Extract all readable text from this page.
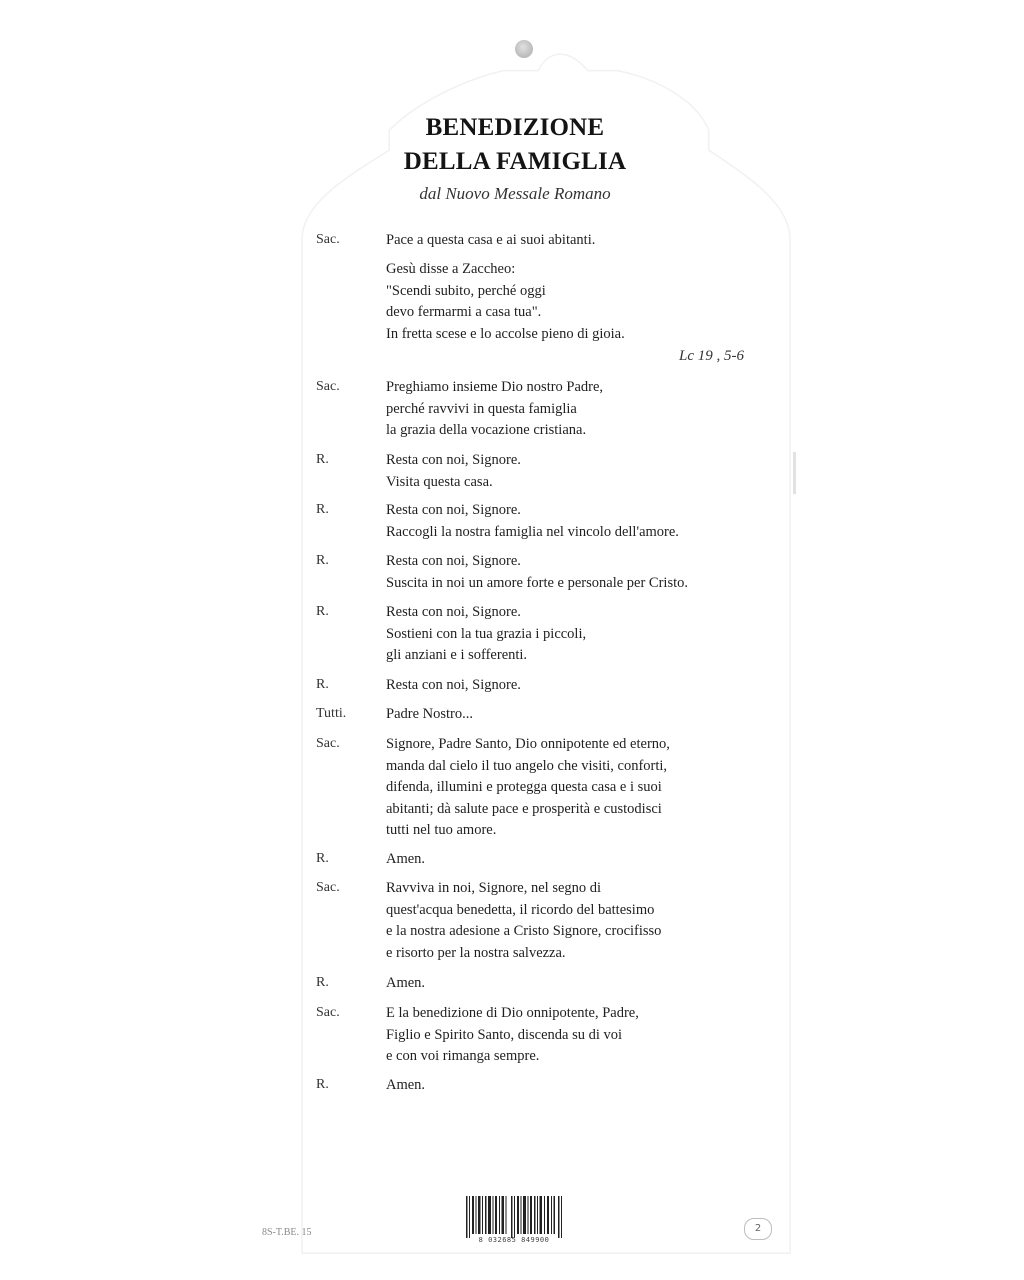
BENEDIZIONE
DELLA FAMIGLIA
dal Nuovo Messale Romano
Sac.	Pace a questa casa e ai suoi abitanti.
Gesù disse a Zaccheo:
"Scendi subito, perché oggi
devo fermarmi a casa tua".
In fretta scese e lo accolse pieno di gioia.
Lc 19 , 5-6
Sac.	Preghiamo insieme Dio nostro Padre,
perché ravvivi in questa famiglia
la grazia della vocazione cristiana.
R.	Resta con noi, Signore.
Visita questa casa.
R.	Resta con noi, Signore.
Raccogli la nostra famiglia nel vincolo dell'amore.
R.	Resta con noi, Signore.
Suscita in noi un amore forte e personale per Cristo.
R.	Resta con noi, Signore.
Sostieni con la tua grazia i piccoli,
gli anziani e i sofferenti.
R.	Resta con noi, Signore.
Tutti.	Padre Nostro...
Sac.	Signore, Padre Santo, Dio onnipotente ed eterno,
manda dal cielo il tuo angelo che visiti, conforti,
difenda, illumini e protegga questa casa e i suoi
abitanti; dà salute pace e prosperità e custodisci
tutti nel tuo amore.
R.	Amen.
Sac.	Ravviva in noi, Signore, nel segno di
quest'acqua benedetta, il ricordo del battesimo
e la nostra adesione a Cristo Signore, crocifisso
e risorto per la nostra salvezza.
R.	Amen.
Sac.	E la benedizione di Dio onnipotente, Padre,
Figlio e Spirito Santo, discenda su di voi
e con voi rimanga sempre.
R.	Amen.
8S-T.BE. 15
8 032685 849900
2
